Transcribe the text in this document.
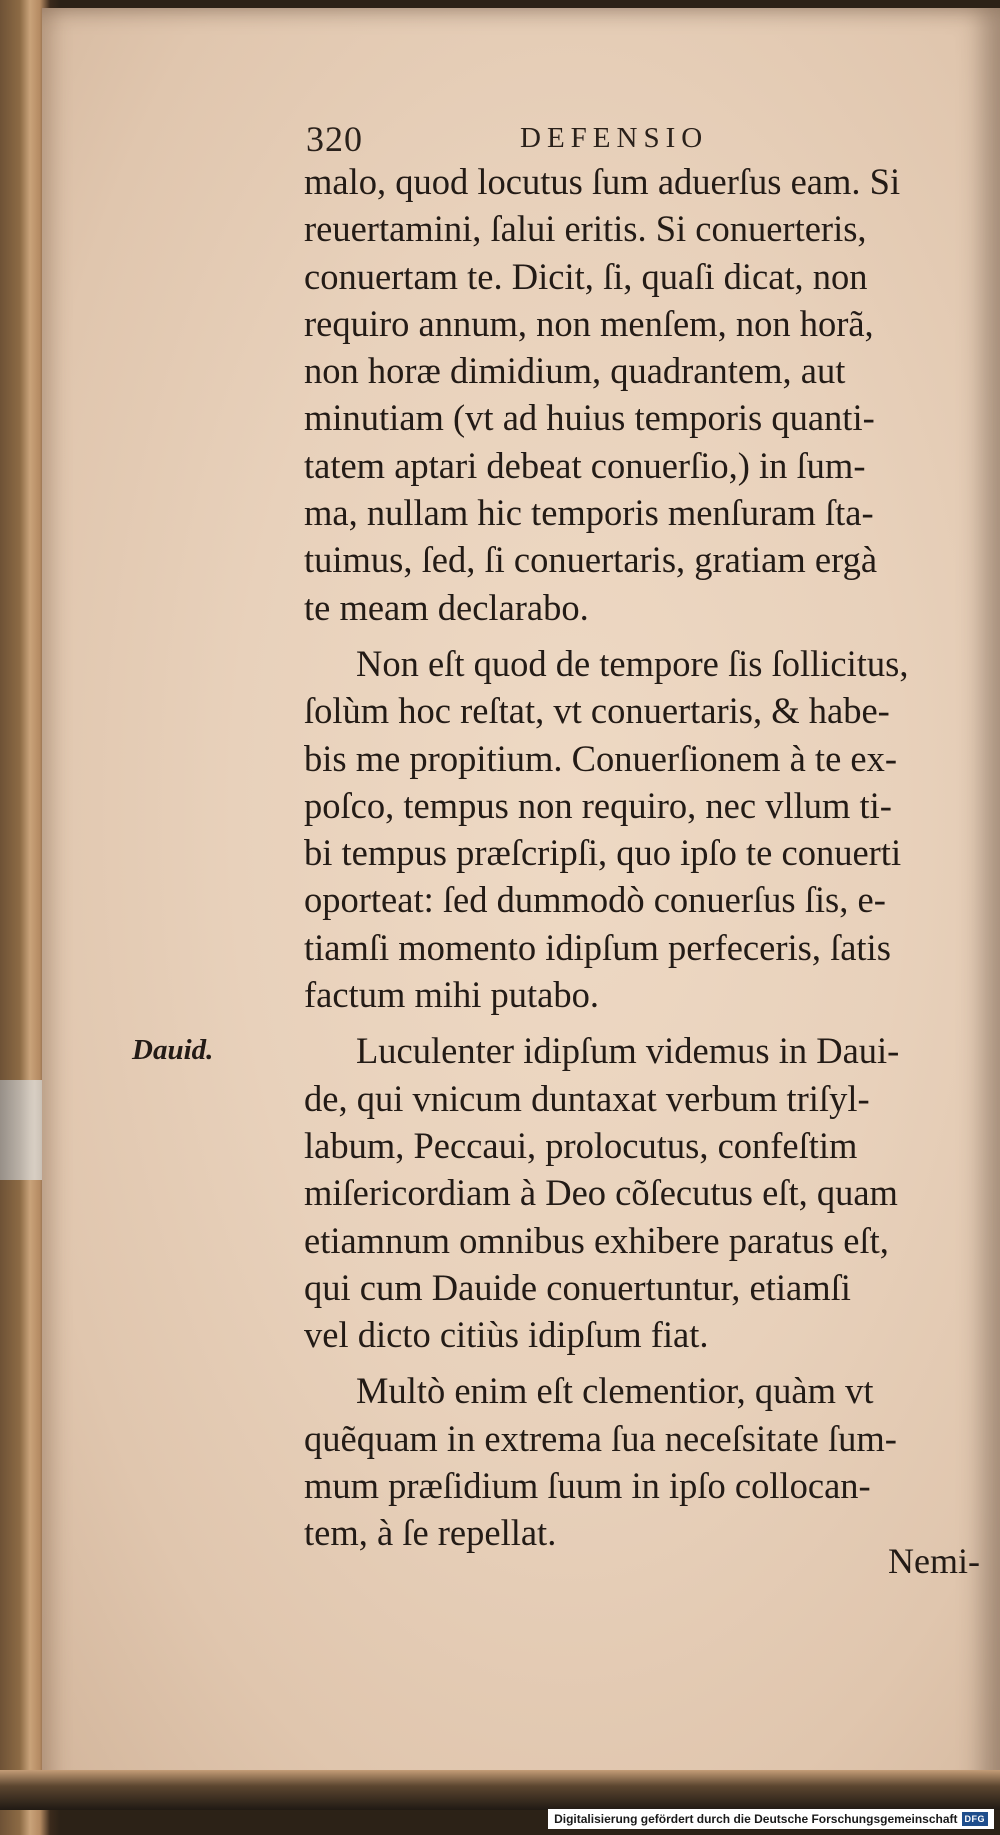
320	DEFENSIO
malo, quod locutus ſum aduerſus eam. Si
reuertamini, ſalui eritis. Si conuerteris,
conuertam te. Dicit, ſi, quaſi dicat, non
requiro annum, non menſem, non horã,
non horæ dimidium, quadrantem, aut
minutiam (vt ad huius temporis quanti-
tatem aptari debeat conuerſio,) in ſum-
ma, nullam hic temporis menſuram ſta-
tuimus, ſed, ſi conuertaris, gratiam ergà
te meam declarabo.
Non eſt quod de tempore ſis ſollicitus,
ſolùm hoc reſtat, vt conuertaris, & habe-
bis me propitium. Conuerſionem à te ex-
poſco, tempus non requiro, nec vllum ti-
bi tempus præſcripſi, quo ipſo te conuerti
oporteat: ſed dummodò conuerſus ſis, e-
tiamſi momento idipſum perfeceris, ſatis
factum mihi putabo.
Luculenter idipſum videmus in Daui-
de, qui vnicum duntaxat verbum triſyl-
labum, Peccaui, prolocutus, confeſtim
miſericordiam à Deo cõſecutus eſt, quam
etiamnum omnibus exhibere paratus eſt,
qui cum Dauide conuertuntur, etiamſi
vel dicto citiùs idipſum fiat.
Multò enim eſt clementior, quàm vt
quẽquam in extrema ſua neceſsitate ſum-
mum præſidium ſuum in ipſo collocan-
tem, à ſe repellat.
Dauid.
Nemi-
Digitalisierung gefördert durch die Deutsche Forschungsgemeinschaft DFG
